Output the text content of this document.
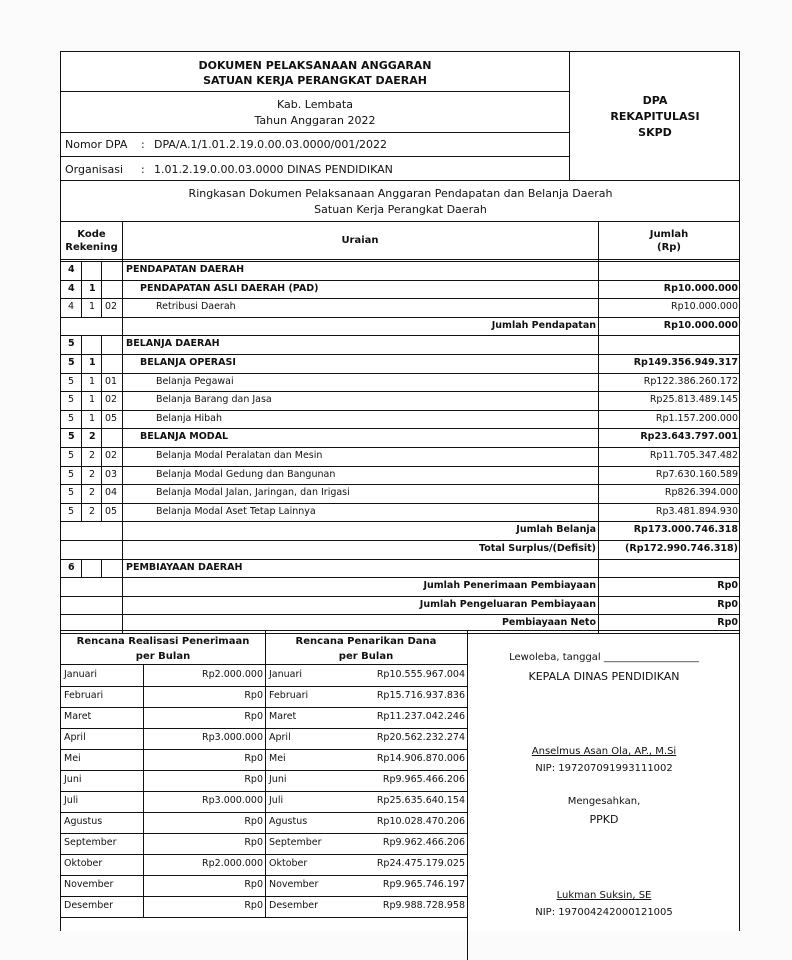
DOKUMEN PELAKSANAAN ANGGARAN
SATUAN KERJA PERANGKAT DAERAH
Kab. Lembata
Tahun Anggaran 2022
Nomor DPA : DPA/A.1/1.01.2.19.0.00.03.0000/001/2022
Organisasi : 1.01.2.19.0.00.03.0000 DINAS PENDIDIKAN
DPA
REKAPITULASI
SKPD
Ringkasan Dokumen Pelaksanaan Anggaran Pendapatan dan Belanja Daerah
Satuan Kerja Perangkat Daerah
Kode
Rekening
Uraian
Jumlah
(Rp)
4	PENDAPATAN DAERAH
4 1	PENDAPATAN ASLI DAERAH (PAD)	Rp10.000.000
4 1 02	Retribusi Daerah	Rp10.000.000
Jumlah Pendapatan	Rp10.000.000
5	BELANJA DAERAH
5 1	BELANJA OPERASI	Rp149.356.949.317
5 1 01	Belanja Pegawai	Rp122.386.260.172
5 1 02	Belanja Barang dan Jasa	Rp25.813.489.145
5 1 05	Belanja Hibah	Rp1.157.200.000
5 2	BELANJA MODAL	Rp23.643.797.001
5 2 02	Belanja Modal Peralatan dan Mesin	Rp11.705.347.482
5 2 03	Belanja Modal Gedung dan Bangunan	Rp7.630.160.589
5 2 04	Belanja Modal Jalan, Jaringan, dan Irigasi	Rp826.394.000
5 2 05	Belanja Modal Aset Tetap Lainnya	Rp3.481.894.930
Jumlah Belanja	Rp173.000.746.318
Total Surplus/(Defisit)	(Rp172.990.746.318)
6	PEMBIAYAAN DAERAH
Jumlah Penerimaan Pembiayaan	Rp0
Jumlah Pengeluaran Pembiayaan	Rp0
Pembiayaan Neto	Rp0
Rencana Realisasi Penerimaan
per Bulan
Rencana Penarikan Dana
per Bulan
Januari	Rp2.000.000 Januari	Rp10.555.967.004
Februari	Rp0 Februari	Rp15.716.937.836
Maret	Rp0 Maret	Rp11.237.042.246
April	Rp3.000.000 April	Rp20.562.232.274
Mei	Rp0 Mei	Rp14.906.870.006
Juni	Rp0 Juni	Rp9.965.466.206
Juli	Rp3.000.000 Juli	Rp25.635.640.154
Agustus	Rp0 Agustus	Rp10.028.470.206
September	Rp0 September	Rp9.962.466.206
Oktober	Rp2.000.000 Oktober	Rp24.475.179.025
November	Rp0 November	Rp9.965.746.197
Desember	Rp0 Desember	Rp9.988.728.958
Lewoleba, tanggal ___________________
KEPALA DINAS PENDIDIKAN
Anselmus Asan Ola, AP., M.Si
NIP: 197207091993111002
Mengesahkan,
PPKD
Lukman Suksin, SE
NIP: 197004242000121005
